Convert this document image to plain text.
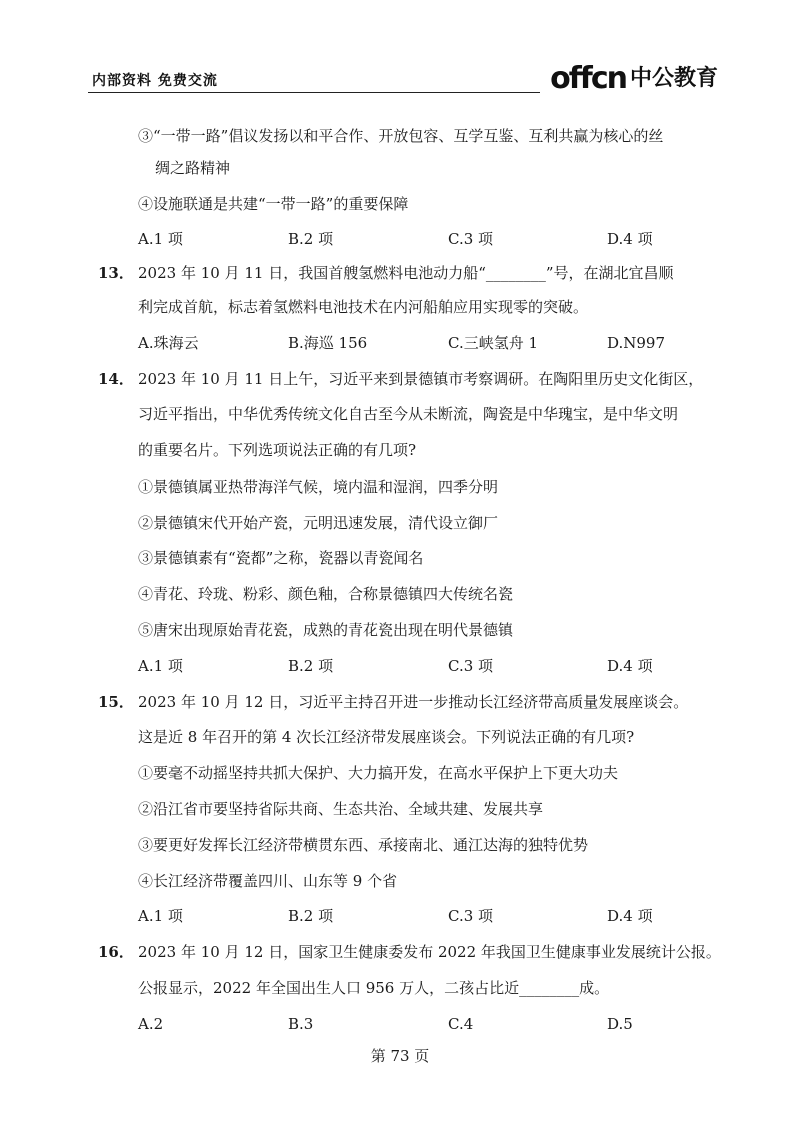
内部资料 免费交流	offcn 中公教育
③“一带一路”倡议发扬以和平合作、开放包容、互学互鉴、互利共赢为核心的丝
绸之路精神
④设施联通是共建“一带一路”的重要保障
A.1 项	B.2 项	C.3 项	D.4 项
13． 2023 年 10 月 11 日，我国首艘氢燃料电池动力船“________”号，在湖北宜昌顺
利完成首航，标志着氢燃料电池技术在内河船舶应用实现零的突破。
A.珠海云	B.海巡 156	C.三峡氢舟 1	D.N997
14． 2023 年 10 月 11 日上午，习近平来到景德镇市考察调研。在陶阳里历史文化街区，
习近平指出，中华优秀传统文化自古至今从未断流，陶瓷是中华瑰宝，是中华文明
的重要名片。下列选项说法正确的有几项?
①景德镇属亚热带海洋气候，境内温和湿润，四季分明
②景德镇宋代开始产瓷，元明迅速发展，清代设立御厂
③景德镇素有“瓷都”之称，瓷器以青瓷闻名
④青花、玲珑、粉彩、颜色釉，合称景德镇四大传统名瓷
⑤唐宋出现原始青花瓷，成熟的青花瓷出现在明代景德镇
A.1 项	B.2 项	C.3 项	D.4 项
15． 2023 年 10 月 12 日，习近平主持召开进一步推动长江经济带高质量发展座谈会。
这是近 8 年召开的第 4 次长江经济带发展座谈会。下列说法正确的有几项?
①要毫不动摇坚持共抓大保护、大力搞开发，在高水平保护上下更大功夫
②沿江省市要坚持省际共商、生态共治、全域共建、发展共享
③要更好发挥长江经济带横贯东西、承接南北、通江达海的独特优势
④长江经济带覆盖四川、山东等 9 个省
A.1 项	B.2 项	C.3 项	D.4 项
16． 2023 年 10 月 12 日，国家卫生健康委发布 2022 年我国卫生健康事业发展统计公报。
公报显示，2022 年全国出生人口 956 万人，二孩占比近________成。
A.2	B.3	C.4	D.5
第 73 页
